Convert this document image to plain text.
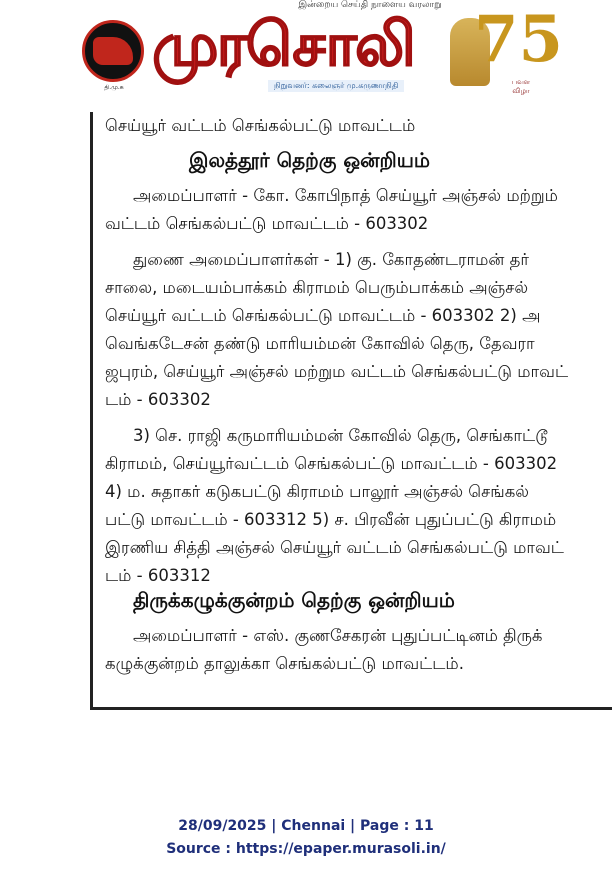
இன்றைய செய்தி நாளைய வரலாறு
தி.மு.க
முரசொலி
நிறுவனர்: கலைஞர் மு.கருணாநிதி
75
பவள விழா
செய்யூர் வட்டம் செங்கல்பட்டு மாவட்டம்
இலத்தூர் தெற்கு ஒன்றியம்
அமைப்பாளர் - கோ. கோபிநாத் செய்யூர் அஞ்சல் மற்றும்
வட்டம் செங்கல்பட்டு மாவட்டம் - 603302
துணை அமைப்பாளர்கள் - 1) கு. கோதண்டராமன் தர்
சாலை, மடையம்பாக்கம் கிராமம் பெரும்பாக்கம் அஞ்சல்
செய்யூர் வட்டம் செங்கல்பட்டு மாவட்டம் - 603302 2) அ
வெங்கடேசன் தண்டு மாரியம்மன் கோவில் தெரு, தேவரா
ஜபுரம், செய்யூர் அஞ்சல் மற்றும வட்டம் செங்கல்பட்டு மாவட்
டம் - 603302
3) செ. ராஜி கருமாரியம்மன் கோவில் தெரு, செங்காட்டூ
கிராமம், செய்யூர்வட்டம் செங்கல்பட்டு மாவட்டம் - 603302
4) ம. சுதாகர் கடுகபட்டு கிராமம் பாலூர் அஞ்சல் செங்கல்
பட்டு மாவட்டம் - 603312 5) ச. பிரவீன் புதுப்பட்டு கிராமம்
இரணிய சித்தி அஞ்சல் செய்யூர் வட்டம் செங்கல்பட்டு மாவட்
டம் - 603312
திருக்கழுக்குன்றம் தெற்கு ஒன்றியம்
அமைப்பாளர் - எஸ். குணசேகரன் புதுப்பட்டினம் திருக்
கழுக்குன்றம் தாலுக்கா செங்கல்பட்டு மாவட்டம்.
28/09/2025 | Chennai | Page : 11
Source : https://epaper.murasoli.in/
